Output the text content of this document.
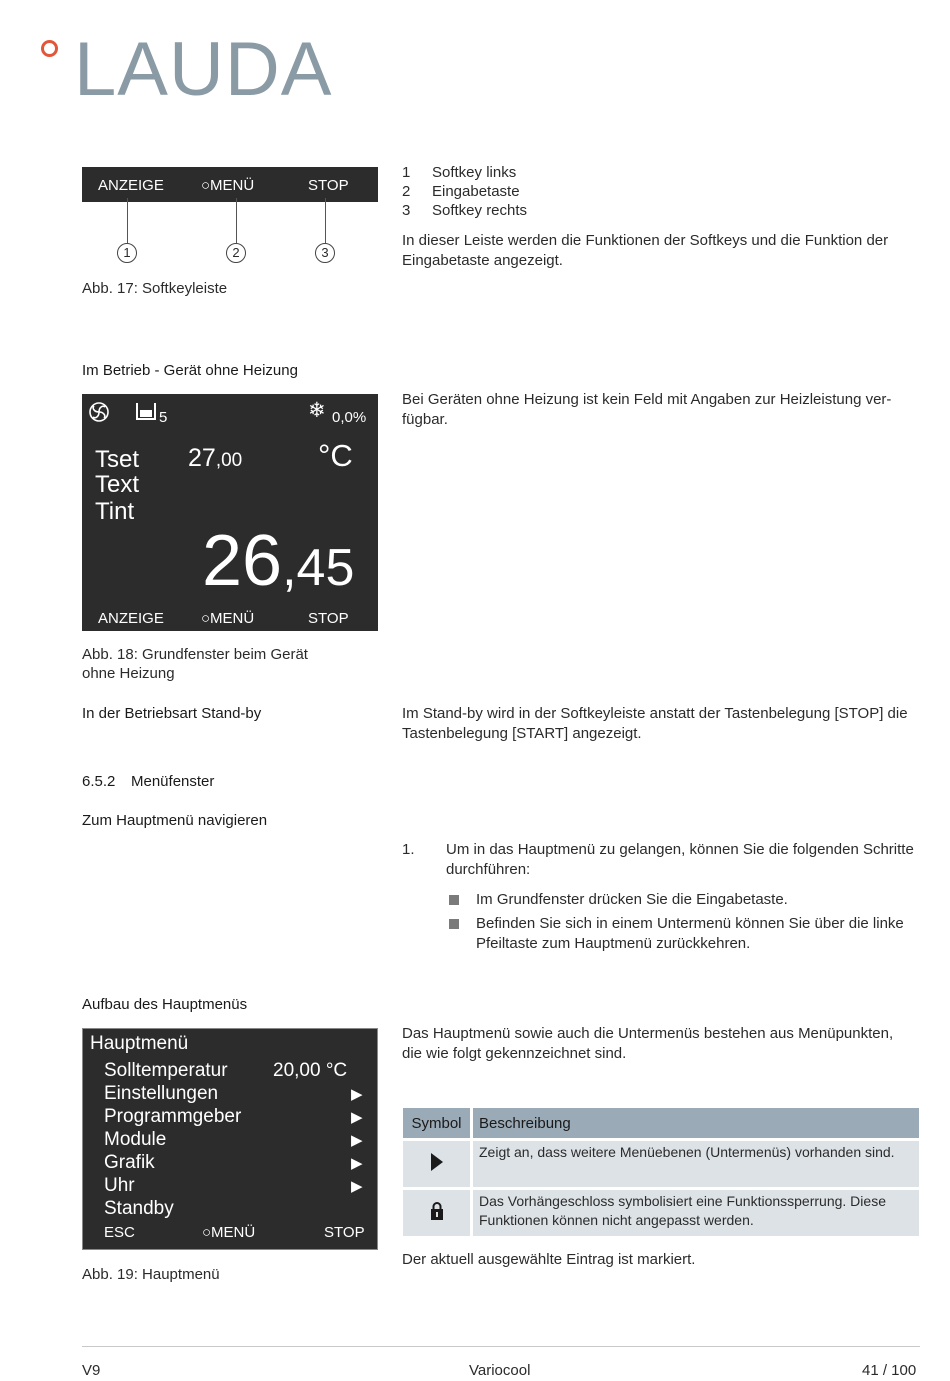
LAUDA
ANZEIGE ○MENÜ	STOP
1	2	3
Abb. 17: Softkeyleiste
1 Softkey links
2 Eingabetaste
3 Softkey rechts
In dieser Leiste werden die Funktionen der Softkeys und die Funktion der Eingabetaste angezeigt.
Im Betrieb - Gerät ohne Heizung
Bei Geräten ohne Heizung ist kein Feld mit Angaben zur Heizleistung ver-fügbar.
5	❄ 0,0%
Tset 27,00 °C
Text
Tint
26,45
ANZEIGE ○MENÜ	STOP
Abb. 18: Grundfenster beim Gerät
ohne Heizung
In der Betriebsart Stand-by	Im Stand-by wird in der Softkeyleiste anstatt der Tastenbelegung [STOP] die Tastenbelegung [START] angezeigt.
6.5.2 Menüfenster
Zum Hauptmenü navigieren
1. Um in das Hauptmenü zu gelangen, können Sie die folgenden Schritte durchführen:
Im Grundfenster drücken Sie die Eingabetaste.
Befinden Sie sich in einem Untermenü können Sie über die linke Pfeiltaste zum Hauptmenü zurückkehren.
Aufbau des Hauptmenüs
Das Hauptmenü sowie auch die Untermenüs bestehen aus Menüpunkten, die wie folgt gekennzeichnet sind.
Hauptmenü
Solltemperatur 20,00 °C
Einstellungen	▶
Programmgeber	▶
Module	▶
Grafik	▶
Uhr	▶
Standby
ESC	○MENÜ	STOP
Abb. 19: Hauptmenü
Symbol	Beschreibung
	Zeigt an, dass weitere Menüebenen (Untermenüs) vorhanden sind.
	Das Vorhängeschloss symbolisiert eine Funktionssperrung. Diese Funktionen können nicht angepasst werden.
Der aktuell ausgewählte Eintrag ist markiert.
V9	Variocool	41 / 100
